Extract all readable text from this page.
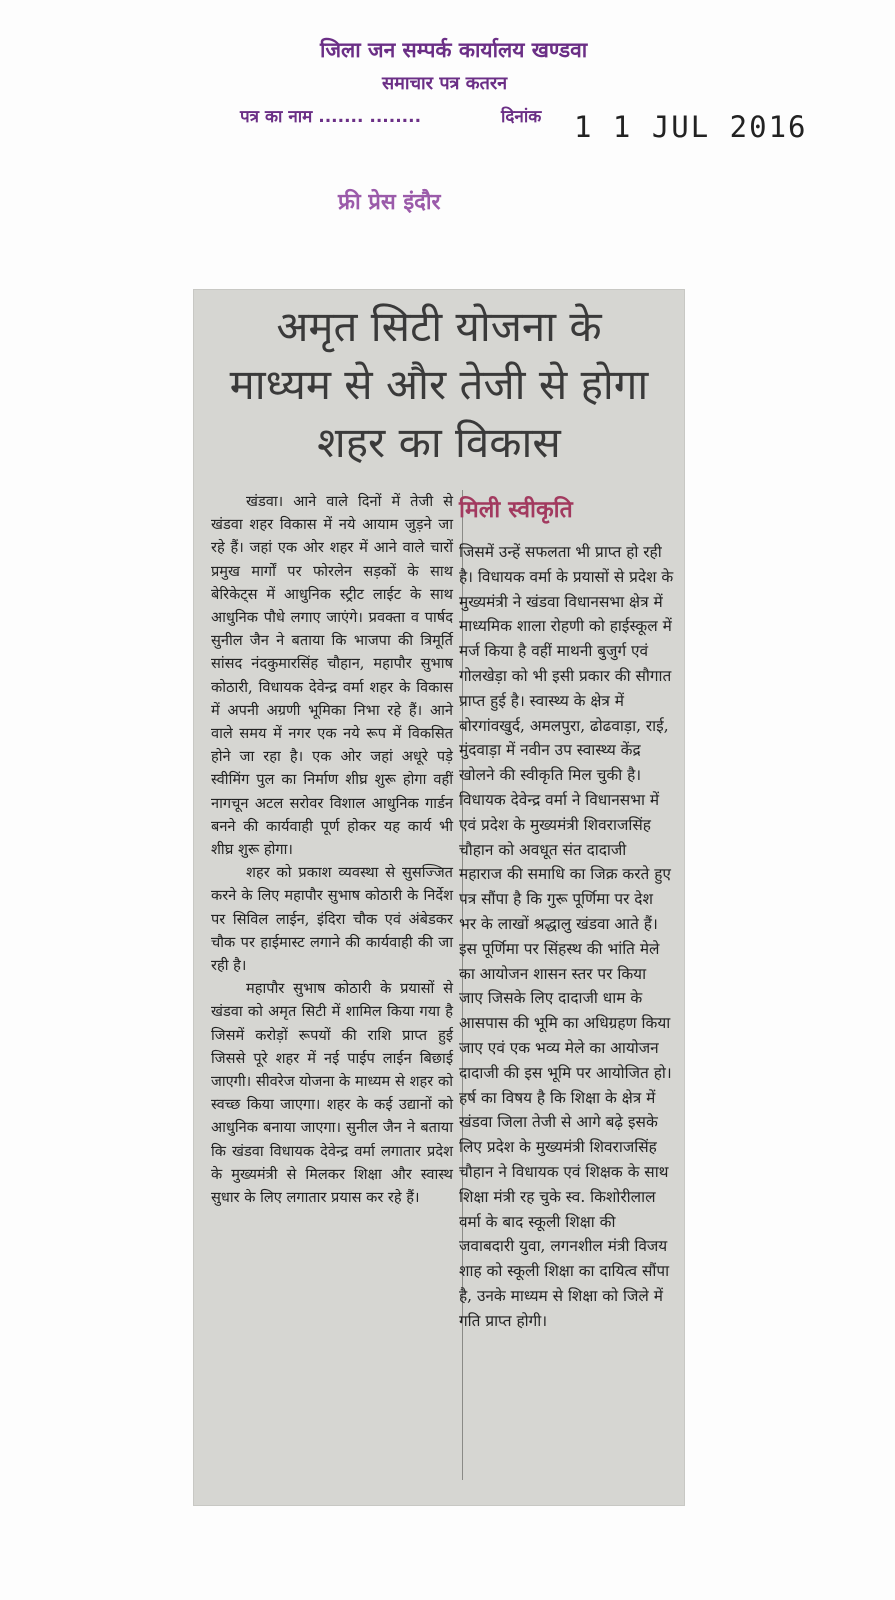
जिला जन सम्पर्क कार्यालय खण्डवा
समाचार पत्र कतरन
पत्र का नाम ....... ........	दिनांक 1 1 JUL 2016
फ्री प्रेस इंदौर
अमृत सिटी योजना के
माध्यम से और तेजी से होगा
शहर का विकास

खंडवा। आने वाले दिनों में तेजी से खंडवा शहर विकास में नये आयाम जुड़ने जा रहे हैं। जहां एक ओर शहर में आने वाले चारों प्रमुख मार्गों पर फोरलेन सड़कों के साथ बेरिकेट्स में आधुनिक स्ट्रीट लाईट के साथ आधुनिक पौधे लगाए जाएंगे। प्रवक्ता व पार्षद सुनील जैन ने बताया कि भाजपा की त्रिमूर्ति सांसद नंदकुमारसिंह चौहान, महापौर सुभाष कोठारी, विधायक देवेन्द्र वर्मा शहर के विकास में अपनी अग्रणी भूमिका निभा रहे हैं। आने वाले समय में नगर एक नये रूप में विकसित होने जा रहा है। एक ओर जहां अधूरे पड़े स्वीमिंग पुल का निर्माण शीघ्र शुरू होगा वहीं नागचून अटल सरोवर विशाल आधुनिक गार्डन बनने की कार्यवाही पूर्ण होकर यह कार्य भी शीघ्र शुरू होगा।

शहर को प्रकाश व्यवस्था से सुसज्जित करने के लिए महापौर सुभाष कोठारी के निर्देश पर सिविल लाईन, इंदिरा चौक एवं अंबेडकर चौक पर हाईमास्ट लगाने की कार्यवाही की जा रही है।

महापौर सुभाष कोठारी के प्रयासों से खंडवा को अमृत सिटी में शामिल किया गया है जिसमें करोड़ों रूपयों की राशि प्राप्त हुई जिससे पूरे शहर में नई पाईप लाईन बिछाई जाएगी। सीवरेज योजना के माध्यम से शहर को स्वच्छ किया जाएगा। शहर के कई उद्यानों को आधुनिक बनाया जाएगा। सुनील जैन ने बताया कि खंडवा विधायक देवेन्द्र वर्मा लगातार प्रदेश के मुख्यमंत्री से मिलकर शिक्षा और स्वास्थ सुधार के लिए लगातार प्रयास कर रहे हैं।

मिली स्वीकृति
जिसमें उन्हें सफलता भी प्राप्त हो रही है। विधायक वर्मा के प्रयासों से प्रदेश के मुख्यमंत्री ने खंडवा विधानसभा क्षेत्र में माध्यमिक शाला रोहणी को हाईस्कूल में मर्ज किया है वहीं माथनी बुजुर्ग एवं गोलखेड़ा को भी इसी प्रकार की सौगात प्राप्त हुई है। स्वास्थ्य के क्षेत्र में बोरगांवखुर्द, अमलपुरा, ढोढवाड़ा, राई, मुंदवाड़ा में नवीन उप स्वास्थ्य केंद्र खोलने की स्वीकृति मिल चुकी है। विधायक देवेन्द्र वर्मा ने विधानसभा में एवं प्रदेश के मुख्यमंत्री शिवराजसिंह चौहान को अवधूत संत दादाजी महाराज की समाधि का जिक्र करते हुए पत्र सौंपा है कि गुरू पूर्णिमा पर देश भर के लाखों श्रद्धालु खंडवा आते हैं। इस पूर्णिमा पर सिंहस्थ की भांति मेले का आयोजन शासन स्तर पर किया जाए जिसके लिए दादाजी धाम के आसपास की भूमि का अधिग्रहण किया जाए एवं एक भव्य मेले का आयोजन दादाजी की इस भूमि पर आयोजित हो। हर्ष का विषय है कि शिक्षा के क्षेत्र में खंडवा जिला तेजी से आगे बढ़े इसके लिए प्रदेश के मुख्यमंत्री शिवराजसिंह चौहान ने विधायक एवं शिक्षक के साथ शिक्षा मंत्री रह चुके स्व. किशोरीलाल वर्मा के बाद स्कूली शिक्षा की जवाबदारी युवा, लगनशील मंत्री विजय शाह को स्कूली शिक्षा का दायित्व सौंपा है, उनके माध्यम से शिक्षा को जिले में गति प्राप्त होगी।
